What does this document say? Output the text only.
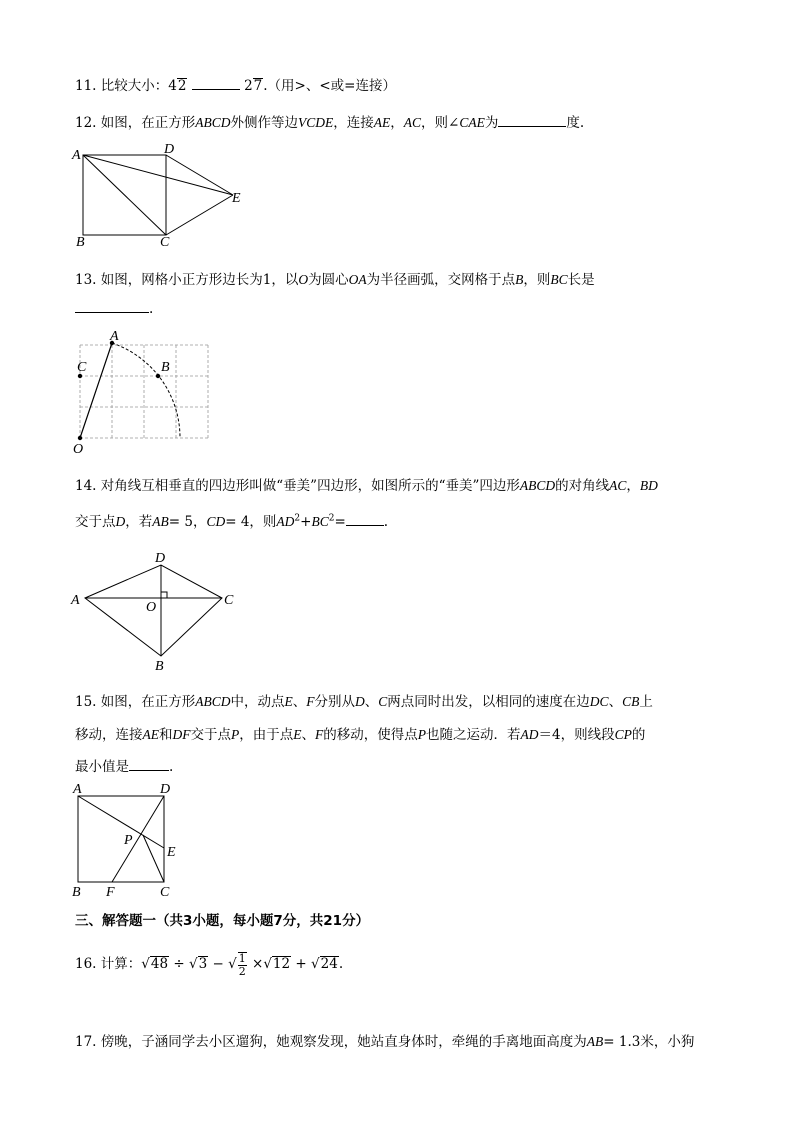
11. 比较大小：42	27.（用>、<或=连接）
12. 如图，在正方形ABCD外侧作等边VCDE，连接AE，AC，则∠CAE为	度.
A	D
E
B	C
13. 如图，网格小正方形边长为1，以O为圆心OA为半径画弧，交网格于点B，则BC长是
.
A
B
C
O
14. 对角线互相垂直的四边形叫做“垂美”四边形，如图所示的“垂美”四边形ABCD的对角线AC，BD
交于点D，若AB= 5，CD= 4，则$AD^2+BC^2=$	.
A
D
C
O
B
15. 如图，在正方形ABCD中，动点E、F分别从D、C两点同时出发，以相同的速度在边DC、CB上
移动，连接AE和DF交于点P，由于点E、F的移动，使得点P也随之运动．若AD＝4，则线段CP的
最小值是	.
A	D
P
E
B F	C
三、解答题一（共3小题，每小题7分，共21分）
16. 计算：√48 ÷ √3 − √ $\frac{1}{2} \times√12 + √24$.
17. 傍晚，子涵同学去小区遛狗，她观察发现，她站直身体时，牵绳的手离地面高度为AB= 1.3米，小狗
